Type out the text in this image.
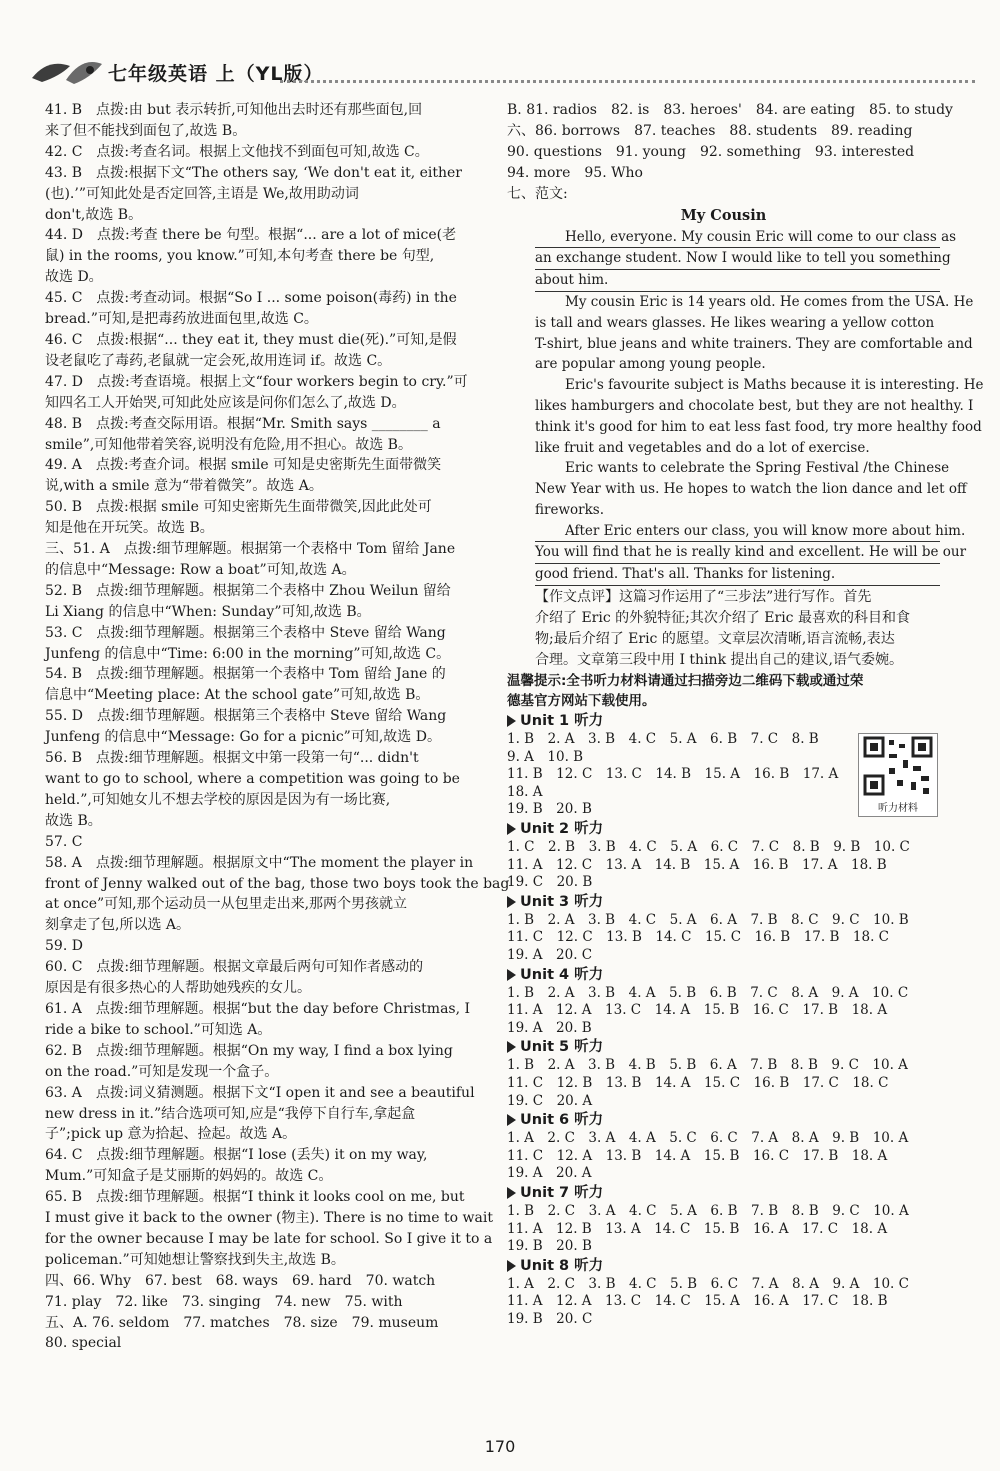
七年级英语 上（YL版）
41. B　点拨:由 but 表示转折,可知他出去时还有那些面包,回
来了但不能找到面包了,故选 B。
42. C　点拨:考查名词。根据上文他找不到面包可知,故选 C。
43. B　点拨:根据下文“The others say, ‘We don't eat it, either
(也).’”可知此处是否定回答,主语是 We,故用助动词
don't,故选 B。
44. D　点拨:考查 there be 句型。根据“... are a lot of mice(老
鼠) in the rooms, you know.”可知,本句考查 there be 句型,
故选 D。
45. C　点拨:考查动词。根据“So I ... some poison(毒药) in the
bread.”可知,是把毒药放进面包里,故选 C。
46. C　点拨:根据“... they eat it, they must die(死).”可知,是假
设老鼠吃了毒药,老鼠就一定会死,故用连词 if。故选 C。
47. D　点拨:考查语境。根据上文“four workers begin to cry.”可
知四名工人开始哭,可知此处应该是问你们怎么了,故选 D。
48. B　点拨:考查交际用语。根据“Mr. Smith says ________ a
smile”,可知他带着笑容,说明没有危险,用不担心。故选 B。
49. A　点拨:考查介词。根据 smile 可知是史密斯先生面带微笑
说,with a smile 意为“带着微笑”。故选 A。
50. B　点拨:根据 smile 可知史密斯先生面带微笑,因此此处可
知是他在开玩笑。故选 B。
三、51. A　点拨:细节理解题。根据第一个表格中 Tom 留给 Jane
的信息中“Message: Row a boat”可知,故选 A。
52. B　点拨:细节理解题。根据第二个表格中 Zhou Weilun 留给
Li Xiang 的信息中“When: Sunday”可知,故选 B。
53. C　点拨:细节理解题。根据第三个表格中 Steve 留给 Wang
Junfeng 的信息中“Time: 6:00 in the morning”可知,故选 C。
54. B　点拨:细节理解题。根据第一个表格中 Tom 留给 Jane 的
信息中“Meeting place: At the school gate”可知,故选 B。
55. D　点拨:细节理解题。根据第三个表格中 Steve 留给 Wang
Junfeng 的信息中“Message: Go for a picnic”可知,故选 D。
56. B　点拨:细节理解题。根据文中第一段第一句“... didn't
want to go to school, where a competition was going to be
held.”,可知她女儿不想去学校的原因是因为有一场比赛,
故选 B。
57. C
58. A　点拨:细节理解题。根据原文中“The moment the player in
front of Jenny walked out of the bag, those two boys took the bag
at once”可知,那个运动员一从包里走出来,那两个男孩就立
刻拿走了包,所以选 A。
59. D
60. C　点拨:细节理解题。根据文章最后两句可知作者感动的
原因是有很多热心的人帮助她残疾的女儿。
61. A　点拨:细节理解题。根据“but the day before Christmas, I
ride a bike to school.”可知选 A。
62. B　点拨:细节理解题。根据“On my way, I find a box lying
on the road.”可知是发现一个盒子。
63. A　点拨:词义猜测题。根据下文“I open it and see a beautiful
new dress in it.”结合选项可知,应是“我停下自行车,拿起盒
子”;pick up 意为拾起、捡起。故选 A。
64. C　点拨:细节理解题。根据“I lose (丢失) it on my way,
Mum.”可知盒子是艾丽斯的妈妈的。故选 C。
65. B　点拨:细节理解题。根据“I think it looks cool on me, but
I must give it back to the owner (物主). There is no time to wait
for the owner because I may be late for school. So I give it to a
policeman.”可知她想让警察找到失主,故选 B。
四、66. Why　67. best　68. ways　69. hard　70. watch
71. play　72. like　73. singing　74. new　75. with
五、A. 76. seldom　77. matches　78. size　79. museum
80. special
B. 81. radios　82. is　83. heroes'　84. are eating　85. to study
六、86. borrows　87. teaches　88. students　89. reading
90. questions　91. young　92. something　93. interested
94. more　95. Who
七、范文:
My Cousin
Hello, everyone. My cousin Eric will come to our class as
an exchange student. Now I would like to tell you something
about him.
My cousin Eric is 14 years old. He comes from the USA. He
is tall and wears glasses. He likes wearing a yellow cotton
T-shirt, blue jeans and white trainers. They are comfortable and
are popular among young people.
Eric's favourite subject is Maths because it is interesting. He
likes hamburgers and chocolate best, but they are not healthy. I
think it's good for him to eat less fast food, try more healthy food
like fruit and vegetables and do a lot of exercise.
Eric wants to celebrate the Spring Festival /the Chinese
New Year with us. He hopes to watch the lion dance and let off
fireworks.
After Eric enters our class, you will know more about him.
You will find that he is really kind and excellent. He will be our
good friend. That's all. Thanks for listening.
【作文点评】这篇习作运用了“三步法”进行写作。首先
介绍了 Eric 的外貌特征;其次介绍了 Eric 最喜欢的科目和食
物;最后介绍了 Eric 的愿望。文章层次清晰,语言流畅,表达
合理。文章第三段中用 I think 提出自己的建议,语气委婉。
温馨提示:全书听力材料请通过扫描旁边二维码下载或通过荣
德基官方网站下载使用。
Unit 1 听力
1. B　2. A　3. B　4. C　5. A　6. B　7. C　8. B
9. A　10. B
11. B　12. C　13. C　14. B　15. A　16. B　17. A
18. A
19. B　20. B
Unit 2 听力
1. C　2. B　3. B　4. C　5. A　6. C　7. C　8. B　9. B　10. C
11. A　12. C　13. A　14. B　15. A　16. B　17. A　18. B
19. C　20. B
Unit 3 听力
1. B　2. A　3. B　4. C　5. A　6. A　7. B　8. C　9. C　10. B
11. C　12. C　13. B　14. C　15. C　16. B　17. B　18. C
19. A　20. C
Unit 4 听力
1. B　2. A　3. B　4. A　5. B　6. B　7. C　8. A　9. A　10. C
11. A　12. A　13. C　14. A　15. B　16. C　17. B　18. A
19. A　20. B
Unit 5 听力
1. B　2. A　3. B　4. B　5. B　6. A　7. B　8. B　9. C　10. A
11. C　12. B　13. B　14. A　15. C　16. B　17. C　18. C
19. C　20. A
Unit 6 听力
1. A　2. C　3. A　4. A　5. C　6. C　7. A　8. A　9. B　10. A
11. C　12. A　13. B　14. A　15. B　16. C　17. B　18. A
19. A　20. A
Unit 7 听力
1. B　2. C　3. A　4. C　5. A　6. B　7. B　8. B　9. C　10. A
11. A　12. B　13. A　14. C　15. B　16. A　17. C　18. A
19. B　20. B
Unit 8 听力
1. A　2. C　3. B　4. C　5. B　6. C　7. A　8. A　9. A　10. C
11. A　12. A　13. C　14. C　15. A　16. A　17. C　18. B
19. B　20. C
听力材料
170
